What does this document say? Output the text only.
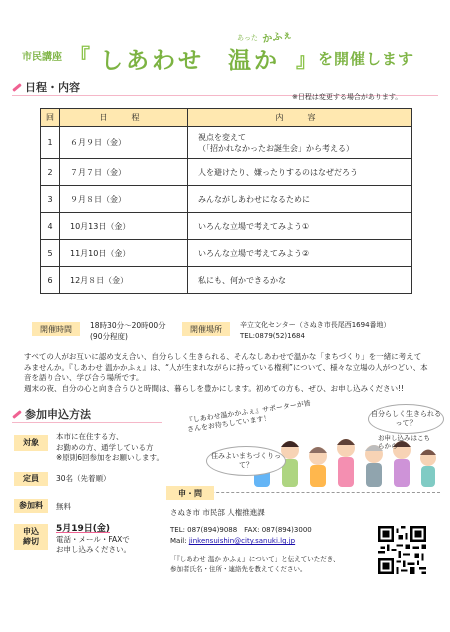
市民講座 『 しあわせ
あった
温か
かふぇ
』 を開催します
日程・内容
※日程は変更する場合があります。
回	日　程	内　容
1	６月９日（金）	視点を変えて
（「招かれなかったお誕生会」から考える）

2	７月７日（金）	人を避けたり、嫌ったりするのはなぜだろう
3	９月８日（金）	みんながしあわせになるために
4	10月13日（金）	いろんな立場で考えてみよう①
5	11月10日（金）	いろんな立場で考えてみよう②
6	12月８日（金）	私にも、何かできるかな
開催時間	18時30分〜20時00分
(90分程度)
開催場所	辛立文化センター（さぬき市長尾西1694番地）
TEL:0879(52)1684
すべての人がお互いに認め支え合い、自分らしく生きられる、そんなしあわせで温かな「まちづくり」を一緒に考えて
みませんか。『しあわせ 温かかふぇ』は、“人が生まれながらに持っている権利”について、様々な立場の人がつどい、本音を語り合い、学び合う場所です。
週末の夜、自分の心と向き合うひと時間は、暮らしを豊かにします。初めての方も、ぜひ、お申し込みください!!
参加申込方法
対象
本市に在住する方、
お勤めの方、通学している方
※原則6回参加をお願いします。
定員	30名（先着順）
参加料	無料
申込
締切
5月19日(金)
電話・メール・FAXで
お申し込みください。
『しあわせ温かかふぇ』サポーターが皆さんをお待ちしています！
自分らしく生きられるって？
お申し込みはこちらから
住みよいまちづくりって？
申・問
さぬき市 市民部 人権推進課
TEL: 087(894)9088　FAX: 087(894)3000
Mail: jinkensuishin@city.sanuki.lg.jp
「『しあわせ 温か かふぇ』について」と伝えていただき、
参加者氏名・住所・連絡先を教えてください。
